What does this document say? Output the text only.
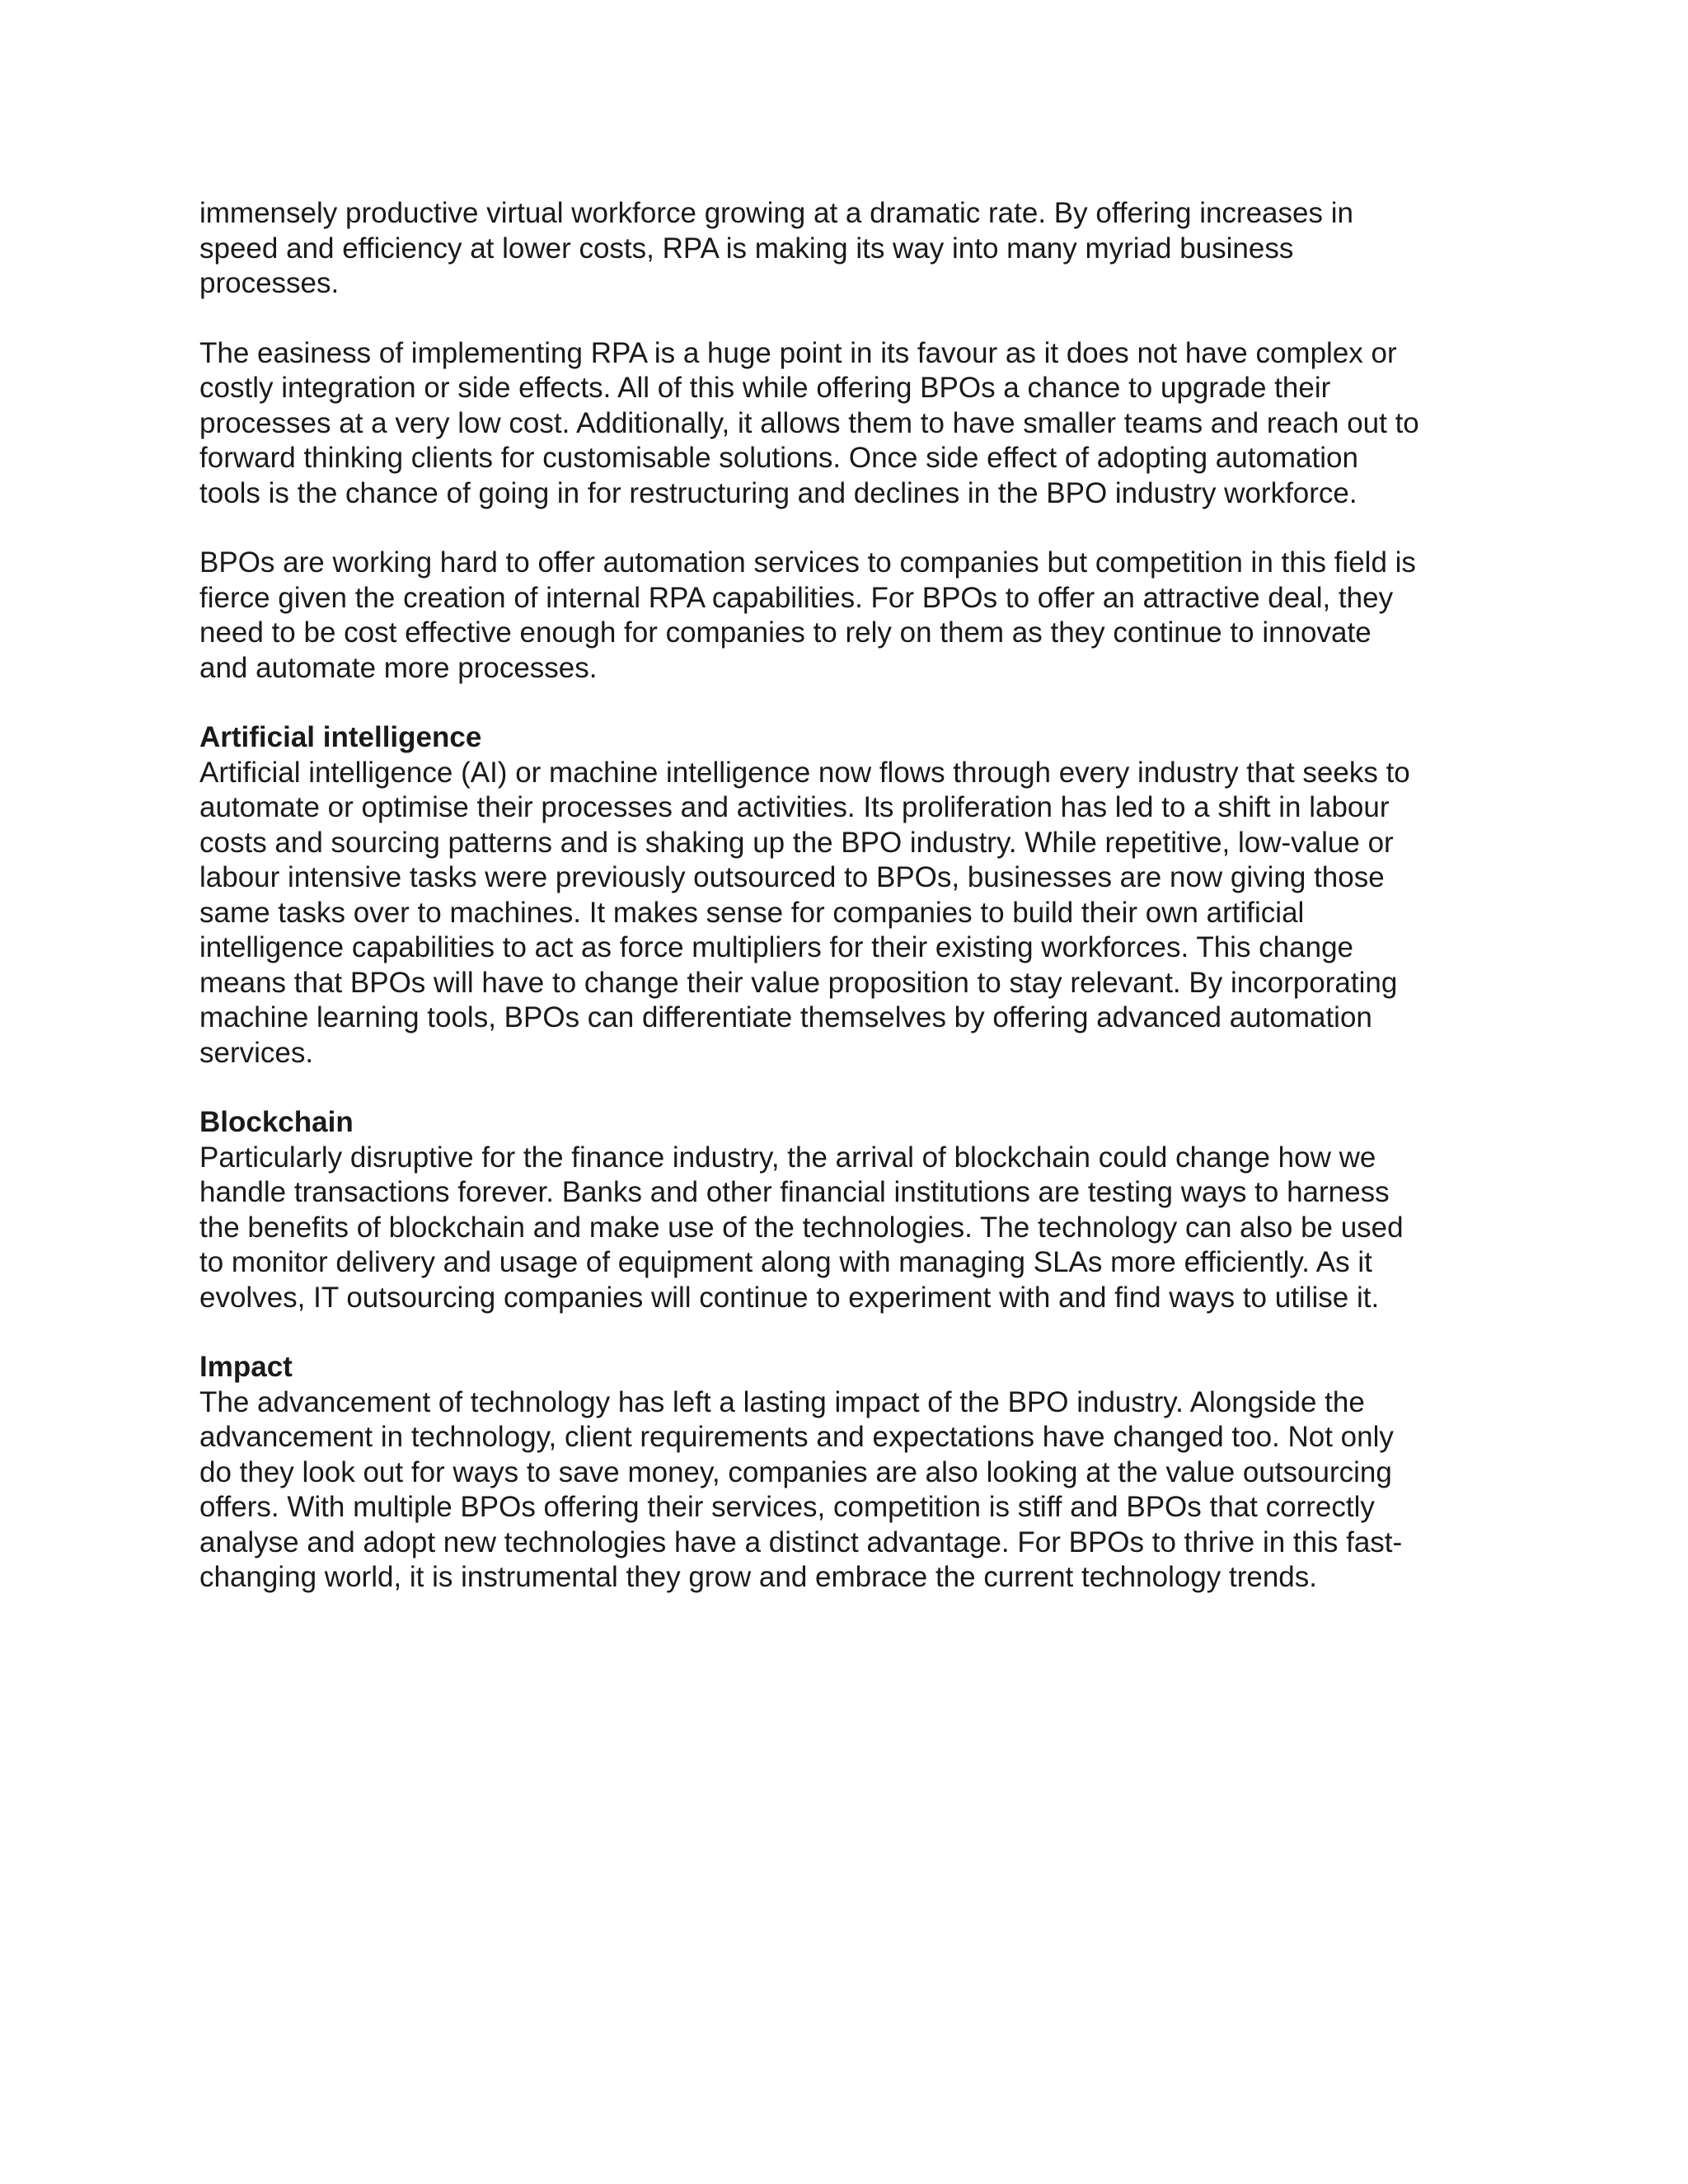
immensely productive virtual workforce growing at a dramatic rate. By offering increases in
speed and efficiency at lower costs, RPA is making its way into many myriad business
processes.
The easiness of implementing RPA is a huge point in its favour as it does not have complex or
costly integration or side effects. All of this while offering BPOs a chance to upgrade their
processes at a very low cost. Additionally, it allows them to have smaller teams and reach out to
forward thinking clients for customisable solutions. Once side effect of adopting automation
tools is the chance of going in for restructuring and declines in the BPO industry workforce.
BPOs are working hard to offer automation services to companies but competition in this field is
fierce given the creation of internal RPA capabilities. For BPOs to offer an attractive deal, they
need to be cost effective enough for companies to rely on them as they continue to innovate
and automate more processes.
Artificial intelligence
Artificial intelligence (AI) or machine intelligence now flows through every industry that seeks to
automate or optimise their processes and activities. Its proliferation has led to a shift in labour
costs and sourcing patterns and is shaking up the BPO industry. While repetitive, low-value or
labour intensive tasks were previously outsourced to BPOs, businesses are now giving those
same tasks over to machines. It makes sense for companies to build their own artificial
intelligence capabilities to act as force multipliers for their existing workforces. This change
means that BPOs will have to change their value proposition to stay relevant. By incorporating
machine learning tools, BPOs can differentiate themselves by offering advanced automation
services.
Blockchain
Particularly disruptive for the finance industry, the arrival of blockchain could change how we
handle transactions forever. Banks and other financial institutions are testing ways to harness
the benefits of blockchain and make use of the technologies. The technology can also be used
to monitor delivery and usage of equipment along with managing SLAs more efficiently. As it
evolves, IT outsourcing companies will continue to experiment with and find ways to utilise it.
Impact
The advancement of technology has left a lasting impact of the BPO industry. Alongside the
advancement in technology, client requirements and expectations have changed too. Not only
do they look out for ways to save money, companies are also looking at the value outsourcing
offers. With multiple BPOs offering their services, competition is stiff and BPOs that correctly
analyse and adopt new technologies have a distinct advantage. For BPOs to thrive in this fast-
changing world, it is instrumental they grow and embrace the current technology trends.
